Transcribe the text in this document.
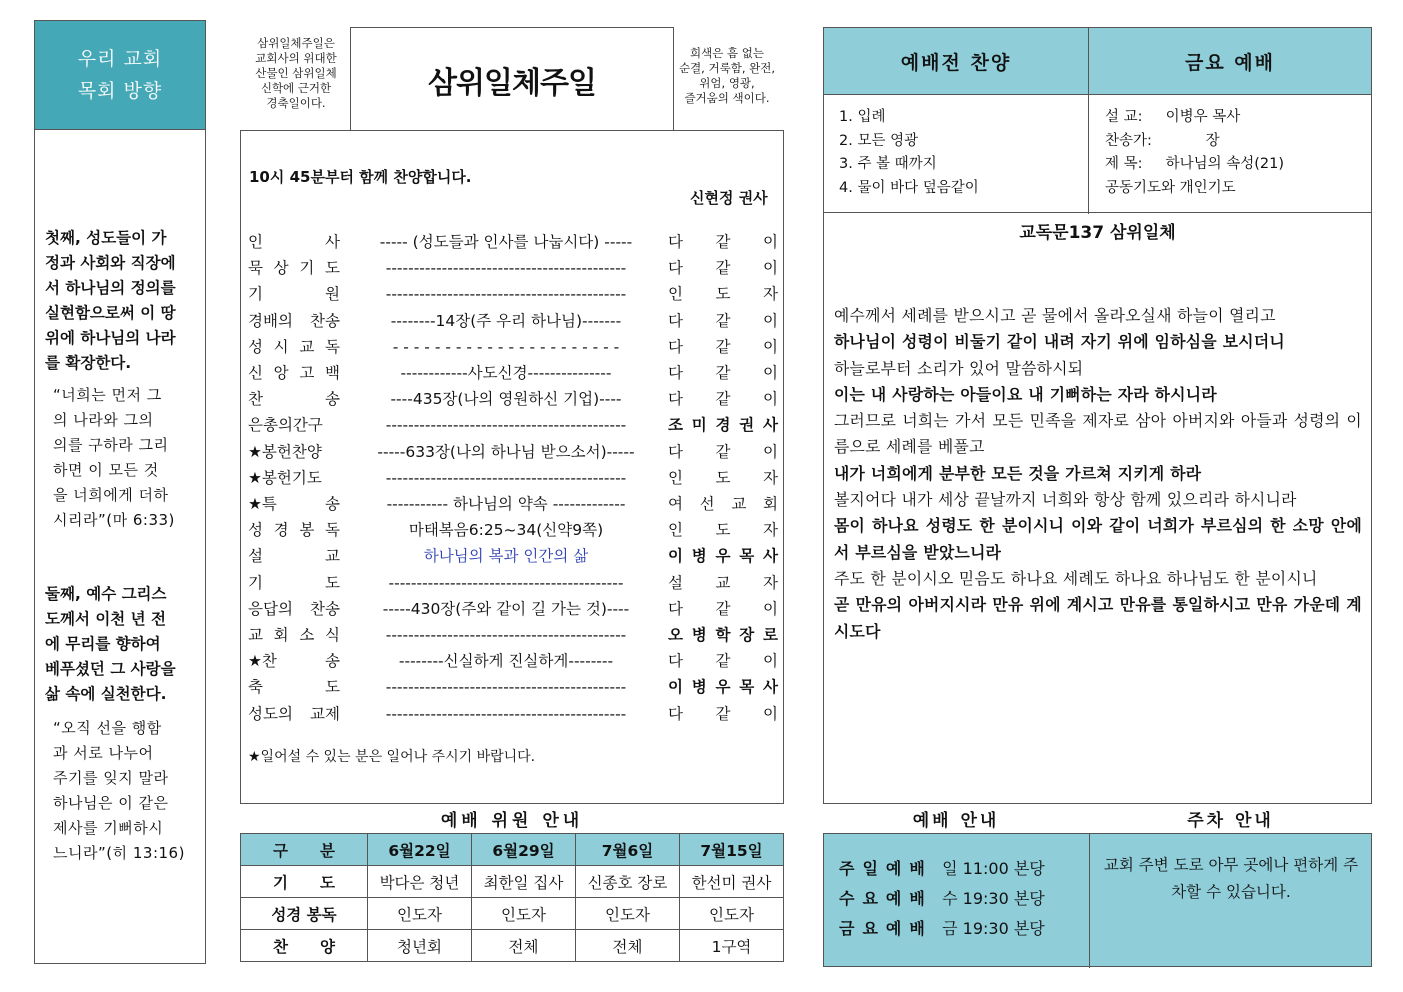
우리 교회
목회 방향
첫째, 성도들이 가
정과 사회와 직장에
서 하나님의 정의를
실현함으로써 이 땅
위에 하나님의 나라
를 확장한다.
“너희는 먼저 그
의 나라와 그의
의를 구하라 그리
하면 이 모든 것
을 너희에게 더하
시리라”(마 6:33)
둘째, 예수 그리스
도께서 이천 년 전
에 무리를 향하여
베푸셨던 그 사랑을
삶 속에 실천한다.
“오직 선을 행함
과 서로 나누어
주기를 잊지 말라
하나님은 이 같은
제사를 기뻐하시
느니라”(히 13:16)
삼위일체주일은
교회사의 위대한
산물인 삼위일체
신학에 근거한
경축일이다.
삼위일체주일
희색은 흠 없는
순결, 거룩함, 완전,
위엄, 영광,
즐거움의 색이다.
10시 45분부터 함께 찬양합니다.
신현정 권사
인	사	----- (성도들과 인사를 나눕시다) -----	다 같 이
묵 상 기 도	-------------------------------------------	다 같 이
기	원	-------------------------------------------	인 도 자
경배의 찬송	--------14장(주 우리 하나님)-------	다 같 이
성 시 교 독	- - - - - - - - - - - - - - - - - - - - - -	다 같 이
신 앙 고 백	------------사도신경---------------	다 같 이
찬	송	----435장(나의 영원하신 기업)----	다 같 이
은총의간구	-------------------------------------------	조 미 경 권 사
★봉헌찬양	-----633장(나의 하나님 받으소서)-----	다 같 이
★봉헌기도	-------------------------------------------	인 도 자
★특	송	----------- 하나님의 약속 -------------	여 선 교 회
성 경 봉 독	마태복음6:25~34(신약9쪽)	인 도 자
설	교	하나님의 복과 인간의 삶	이 병 우 목 사
기	도	------------------------------------------	설 교 자
응답의 찬송	-----430장(주와 같이 길 가는 것)----	다 같 이
교 회 소 식	-------------------------------------------	오 병 학 장 로
★찬	송	--------신실하게 진실하게--------	다 같 이
축	도	-------------------------------------------	이 병 우 목 사
성도의 교제	-------------------------------------------	다 같 이
★일어설 수 있는 분은 일어나 주시기 바랍니다.
예배 위원 안내
구 분	6월22일	6월29일	7월6일	7월15일

기 도	박다은 청년	최한일 집사	신종호 장로	한선미 권사

성경 봉독	인도자	인도자	인도자	인도자

찬 양	청년회	전체	전체	1구역
예배전 찬양	금요 예배
1. 입례
2. 모든 영광
3. 주 볼 때까지
4. 물이 바다 덮음같이
설 교: 이병우 목사
찬송가:	장
제 목: 하나님의 속성(21)
공동기도와 개인기도
교독문137 삼위일체
예수께서 세례를 받으시고 곧 물에서 올라오실새 하늘이 열리고
하나님이 성령이 비둘기 같이 내려 자기 위에 임하심을 보시더니
하늘로부터 소리가 있어 말씀하시되
이는 내 사랑하는 아들이요 내 기뻐하는 자라 하시니라
그러므로 너희는 가서 모든 민족을 제자로 삼아 아버지와 아들과 성령의 이름으로 세례를 베풀고
내가 너희에게 분부한 모든 것을 가르쳐 지키게 하라
볼지어다 내가 세상 끝날까지 너희와 항상 함께 있으리라 하시니라
몸이 하나요 성령도 한 분이시니 이와 같이 너희가 부르심의 한 소망 안에서 부르심을 받았느니라
주도 한 분이시오 믿음도 하나요 세례도 하나요 하나님도 한 분이시니
곧 만유의 아버지시라 만유 위에 계시고 만유를 통일하시고 만유 가운데 계시도다
예배 안내	주차 안내
주일예배 일 11:00 본당
수요예배 수 19:30 본당
금요예배 금 19:30 본당
교회 주변 도로 아무 곳에나 편하게 주차할 수 있습니다.
